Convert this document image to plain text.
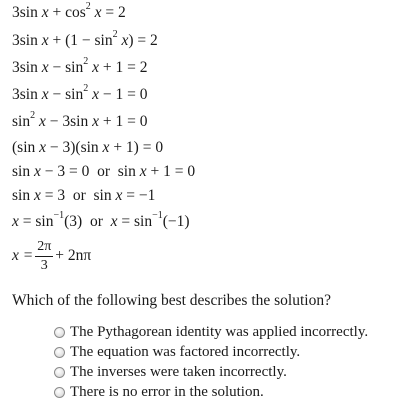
3sin $x + \cos^2 x = 2$
3sin $x + (1 - \sin^2 x) = 2$
3sin $x - \sin^2 x + 1 = 2$
3sin $x - \sin^2 x - 1 = 0$
$\sin^2 x - 3\sin$ x + 1 = 0
(sin x − 3)(sin x + 1) = 0
sin x − 3 = 0  or  sin x + 1 = 0
sin x = 3  or  sin x = −1
$x = \sin^{-1}(3)$  or  $x = \sin^{-1}(-1)$
$x = \frac{2\pi}{3} + 2n\pi$
Which of the following best describes the solution?
The Pythagorean identity was applied incorrectly.
The equation was factored incorrectly.
The inverses were taken incorrectly.
There is no error in the solution.
